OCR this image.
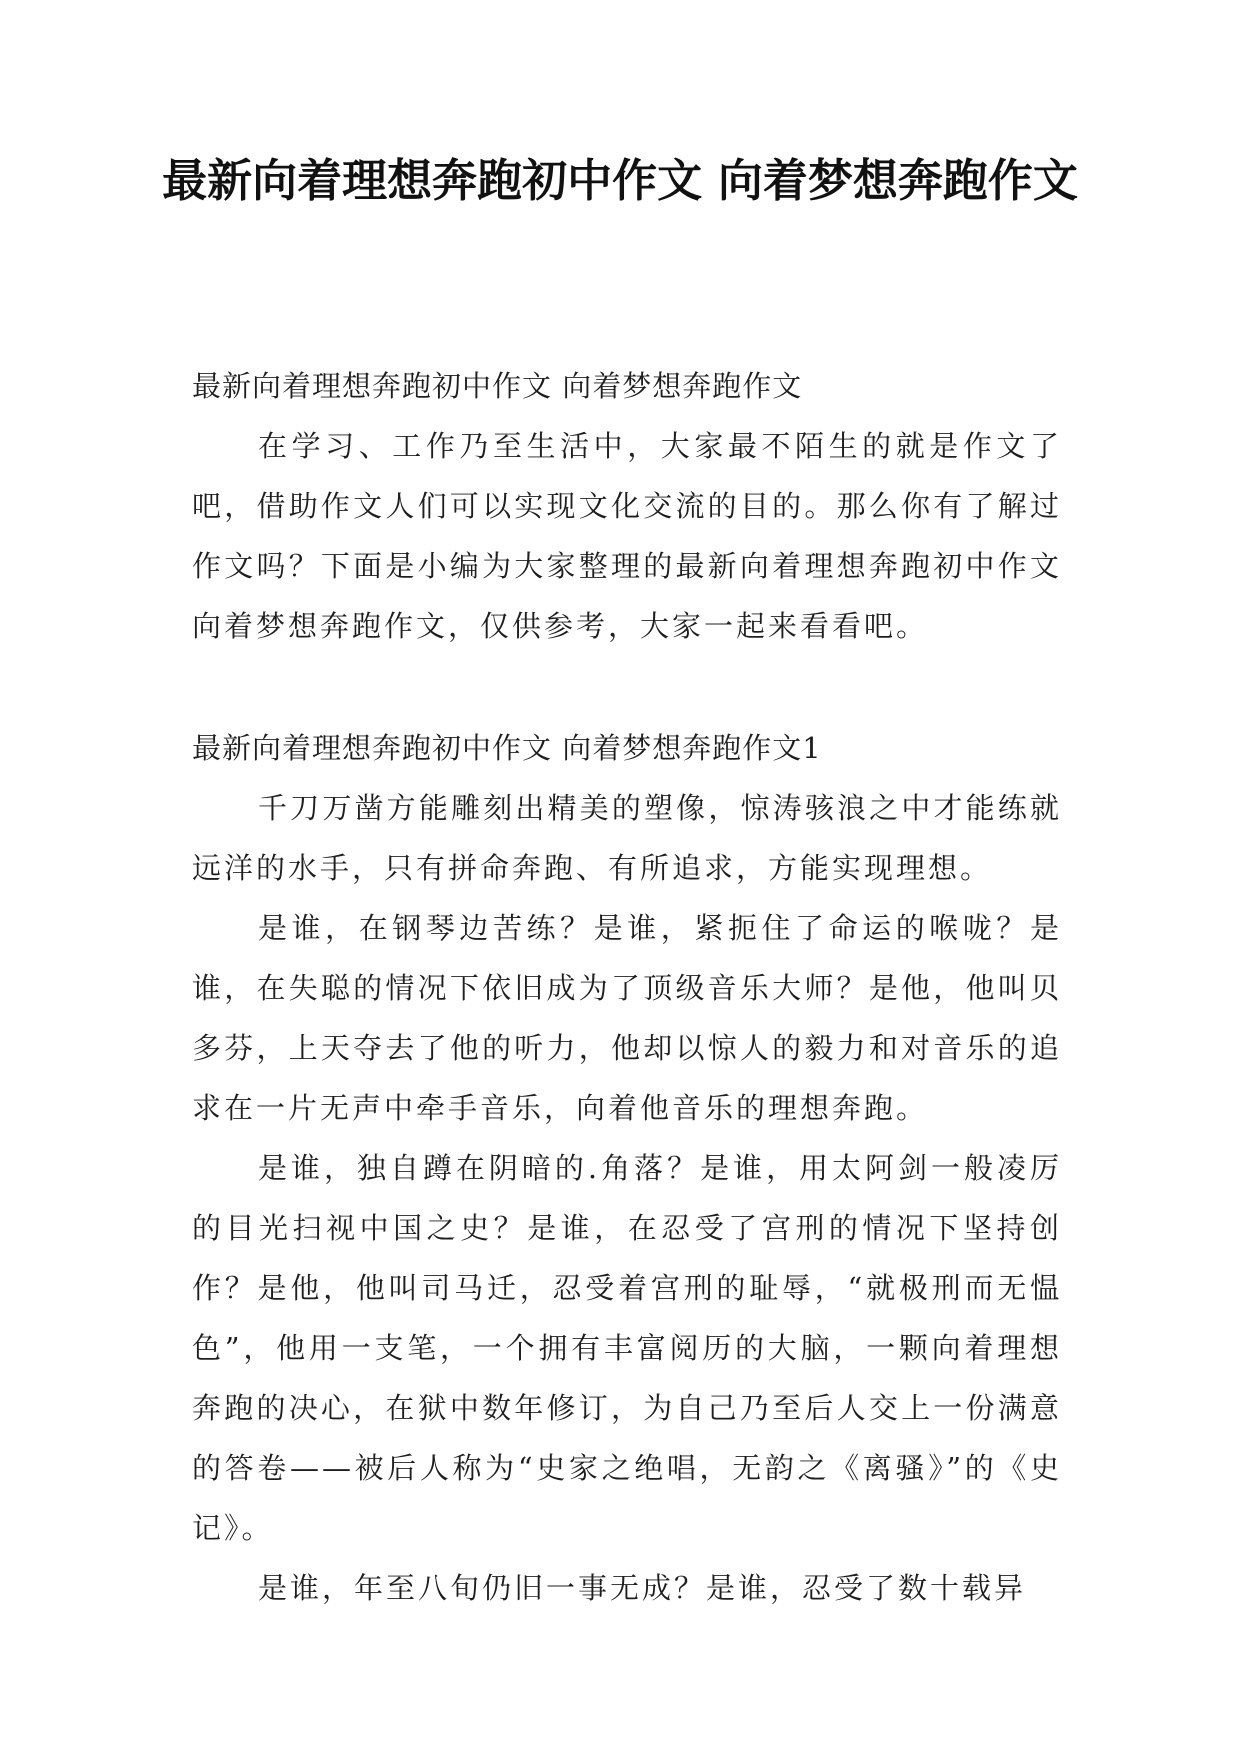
最新向着理想奔跑初中作文 向着梦想奔跑作文

最新向着理想奔跑初中作文 向着梦想奔跑作文

在学习、工作乃至生活中，大家最不陌生的就是作文了吧，借助作文人们可以实现文化交流的目的。那么你有了解过作文吗？下面是小编为大家整理的最新向着理想奔跑初中作文 向着梦想奔跑作文，仅供参考，大家一起来看看吧。

最新向着理想奔跑初中作文 向着梦想奔跑作文1

千刀万凿方能雕刻出精美的塑像，惊涛骇浪之中才能练就远洋的水手，只有拼命奔跑、有所追求，方能实现理想。

是谁，在钢琴边苦练？是谁，紧扼住了命运的喉咙？是谁，在失聪的情况下依旧成为了顶级音乐大师？是他，他叫贝多芬，上天夺去了他的听力，他却以惊人的毅力和对音乐的追求在一片无声中牵手音乐，向着他音乐的理想奔跑。

是谁，独自蹲在阴暗的.角落？是谁，用太阿剑一般凌厉的目光扫视中国之史？是谁，在忍受了宫刑的情况下坚持创作？是他，他叫司马迁，忍受着宫刑的耻辱，“就极刑而无愠色”，他用一支笔，一个拥有丰富阅历的大脑，一颗向着理想奔跑的决心，在狱中数年修订，为自己乃至后人交上一份满意的答卷——被后人称为“史家之绝唱，无韵之《离骚》”的《史记》。

是谁，年至八旬仍旧一事无成？是谁，忍受了数十载异
